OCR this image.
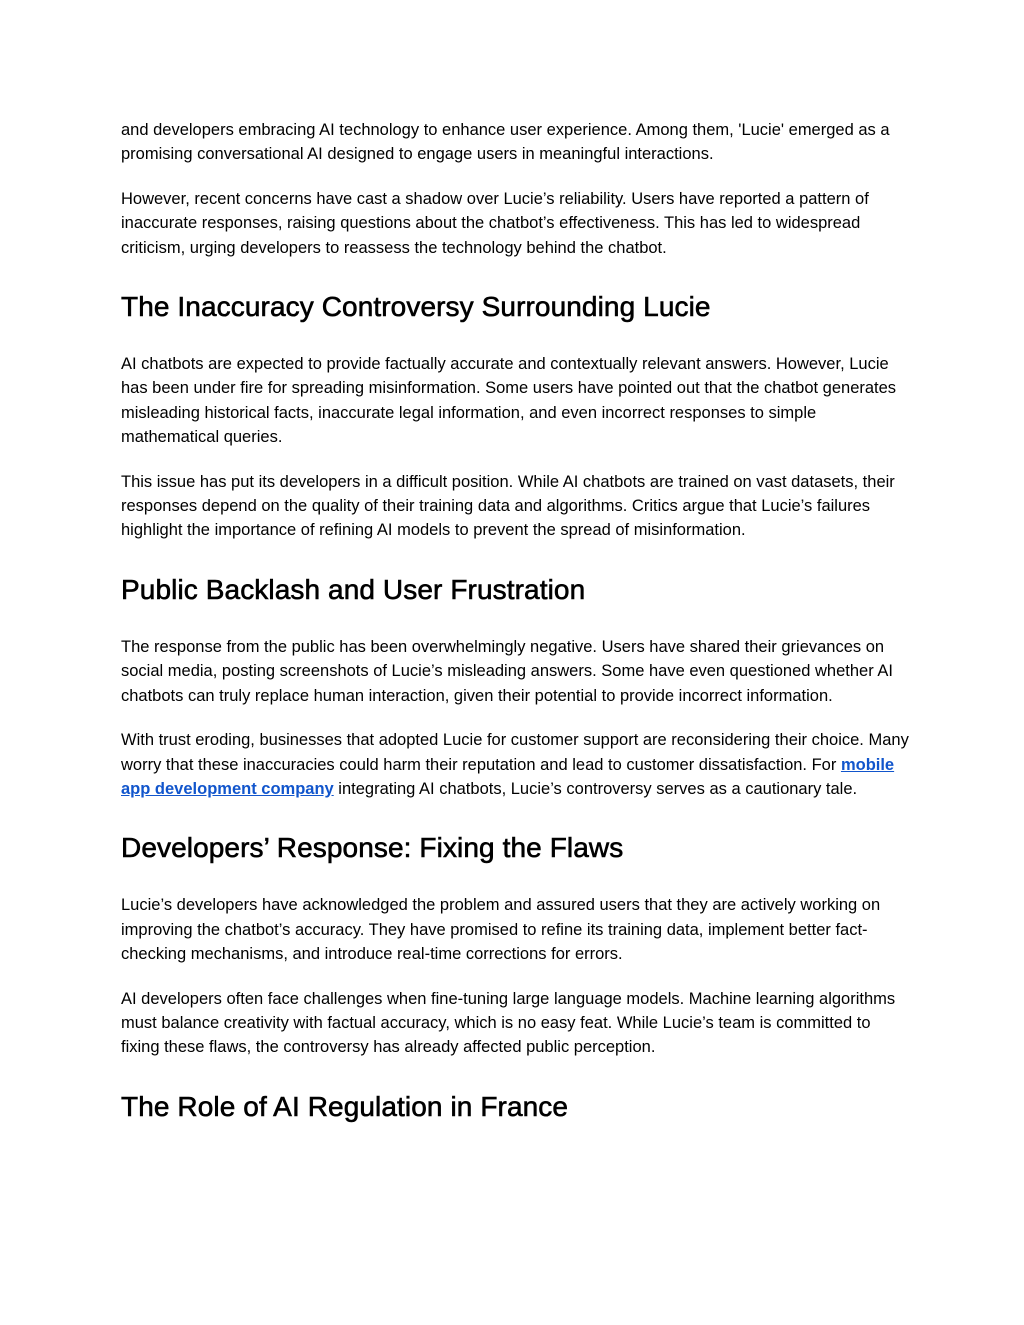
and developers embracing AI technology to enhance user experience. Among them, 'Lucie' emerged as a promising conversational AI designed to engage users in meaningful interactions.

However, recent concerns have cast a shadow over Lucie’s reliability. Users have reported a pattern of inaccurate responses, raising questions about the chatbot’s effectiveness. This has led to widespread criticism, urging developers to reassess the technology behind the chatbot.

The Inaccuracy Controversy Surrounding Lucie

AI chatbots are expected to provide factually accurate and contextually relevant answers. However, Lucie has been under fire for spreading misinformation. Some users have pointed out that the chatbot generates misleading historical facts, inaccurate legal information, and even incorrect responses to simple mathematical queries.

This issue has put its developers in a difficult position. While AI chatbots are trained on vast datasets, their responses depend on the quality of their training data and algorithms. Critics argue that Lucie’s failures highlight the importance of refining AI models to prevent the spread of misinformation.

Public Backlash and User Frustration

The response from the public has been overwhelmingly negative. Users have shared their grievances on social media, posting screenshots of Lucie’s misleading answers. Some have even questioned whether AI chatbots can truly replace human interaction, given their potential to provide incorrect information.

With trust eroding, businesses that adopted Lucie for customer support are reconsidering their choice. Many worry that these inaccuracies could harm their reputation and lead to customer dissatisfaction. For mobile app development company integrating AI chatbots, Lucie’s controversy serves as a cautionary tale.

Developers’ Response: Fixing the Flaws

Lucie’s developers have acknowledged the problem and assured users that they are actively working on improving the chatbot’s accuracy. They have promised to refine its training data, implement better fact-checking mechanisms, and introduce real-time corrections for errors.

AI developers often face challenges when fine-tuning large language models. Machine learning algorithms must balance creativity with factual accuracy, which is no easy feat. While Lucie’s team is committed to fixing these flaws, the controversy has already affected public perception.

The Role of AI Regulation in France
